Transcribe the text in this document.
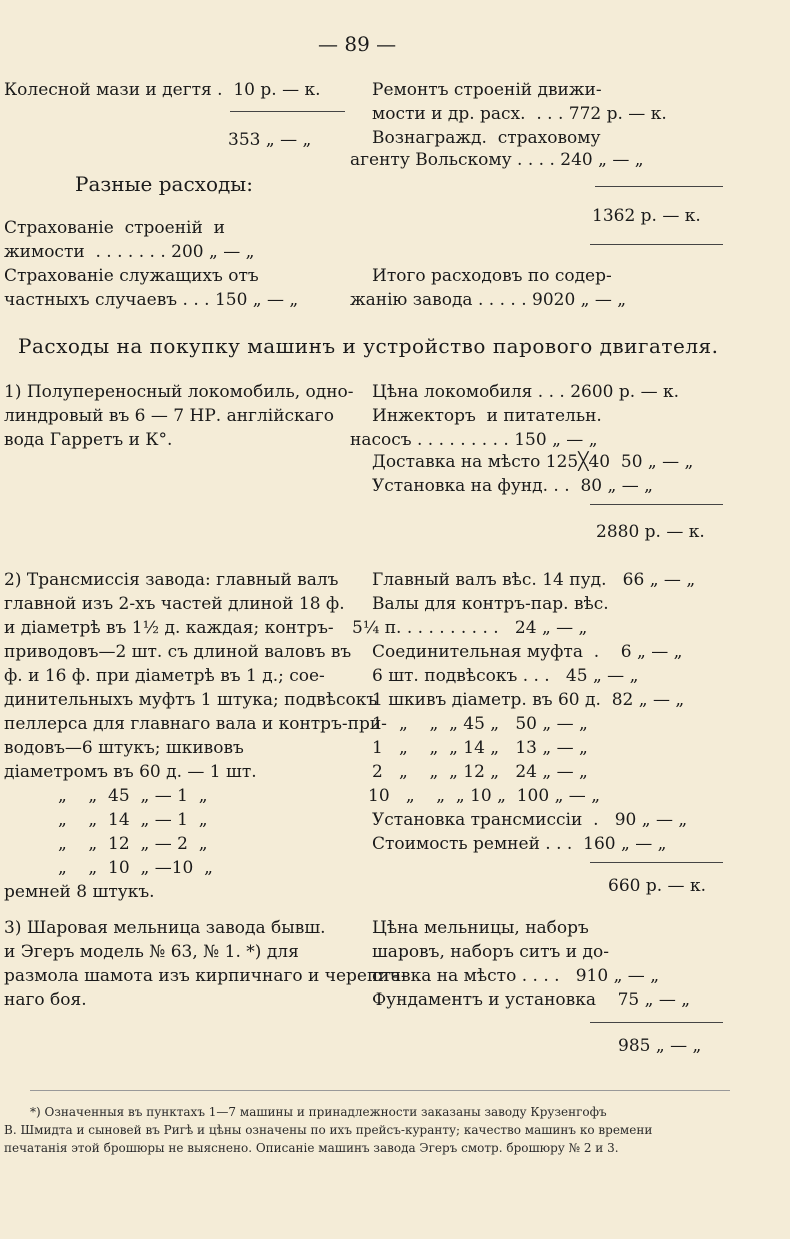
— 89 —
Колесной мази и дегтя .  10 р. — к.
353 „ — „
Ремонтъ строеній движи-
мости и др. расх.  . . . 772 р. — к.
Вознагражд.  страховому
агенту Вольскому . . . . 240 „ — „
Разные расходы:
1362 р. — к.
Страхованіе  строеній  и
жимости  . . . . . . . 200 „ — „
Страхованіе служащихъ отъ
частныхъ случаевъ . . . 150 „ — „
Итого расходовъ по содер-
жанію завода . . . . . 9020 „ — „
Расходы на покупку машинъ и устройство парового двигателя.
1) Полупереносный локомобиль, одно-
линдровый въ 6 — 7 НР. англійскаго
вода Гарретъ и К°.
Цѣна локомобиля . . . 2600 р. — к.
Инжекторъ  и питательн.
насосъ . . . . . . . . . 150 „ — „
Доставка на мѣсто 125╳40  50 „ — „
Установка на фунд. . .  80 „ — „
2880 р. — к.
2) Трансмиссія завода: главный валъ
главной изъ 2-хъ частей длиной 18 ф.
и діаметрѣ въ 1½ д. каждая; контръ-
приводовъ—2 шт. съ длиной валовъ въ
ф. и 16 ф. при діаметрѣ въ 1 д.; сое-
динительныхъ муфтъ 1 штука; подвѣсокъ
пеллерса для главнаго вала и контръ-при-
водовъ—6 штукъ; шкивовъ
діаметромъ въ 60 д. — 1 шт.
„    „  45  „ — 1  „
„    „  14  „ — 1  „
„    „  12  „ — 2  „
„    „  10  „ —10  „
ремней 8 штукъ.
Главный валъ вѣс. 14 пуд.   66 „ — „
Валы для контръ-пар. вѣс.
5¼ п. . . . . . . . . .   24 „ — „
Соединительная муфта  .    6 „ — „
6 шт. подвѣсокъ . . .   45 „ — „
1 шкивъ діаметр. въ 60 д.  82 „ — „
1   „    „  „ 45 „   50 „ — „
1   „    „  „ 14 „   13 „ — „
2   „    „  „ 12 „   24 „ — „
10   „    „  „ 10 „  100 „ — „
Установка трансмиссіи  .   90 „ — „
Стоимость ремней . . .  160 „ — „
660 р. — к.
3) Шаровая мельница завода бывш.
и Эгеръ модель № 63, № 1. *) для
размола шамота изъ кирпичнаго и черепич-
наго боя.
Цѣна мельницы, наборъ
шаровъ, наборъ ситъ и до-
ставка на мѣсто . . . .   910 „ — „
Фундаментъ и установка    75 „ — „
985 „ — „
*) Означенныя въ пунктахъ 1—7 машины и принадлежности заказаны заводу Крузенгофъ
В. Шмидта и сыновей въ Ригѣ и цѣны означены по ихъ прейсъ-куранту; качество машинъ ко времени
печатанія этой брошюры не выяснено. Описаніе машинъ завода Эгеръ смотр. брошюру № 2 и 3.
